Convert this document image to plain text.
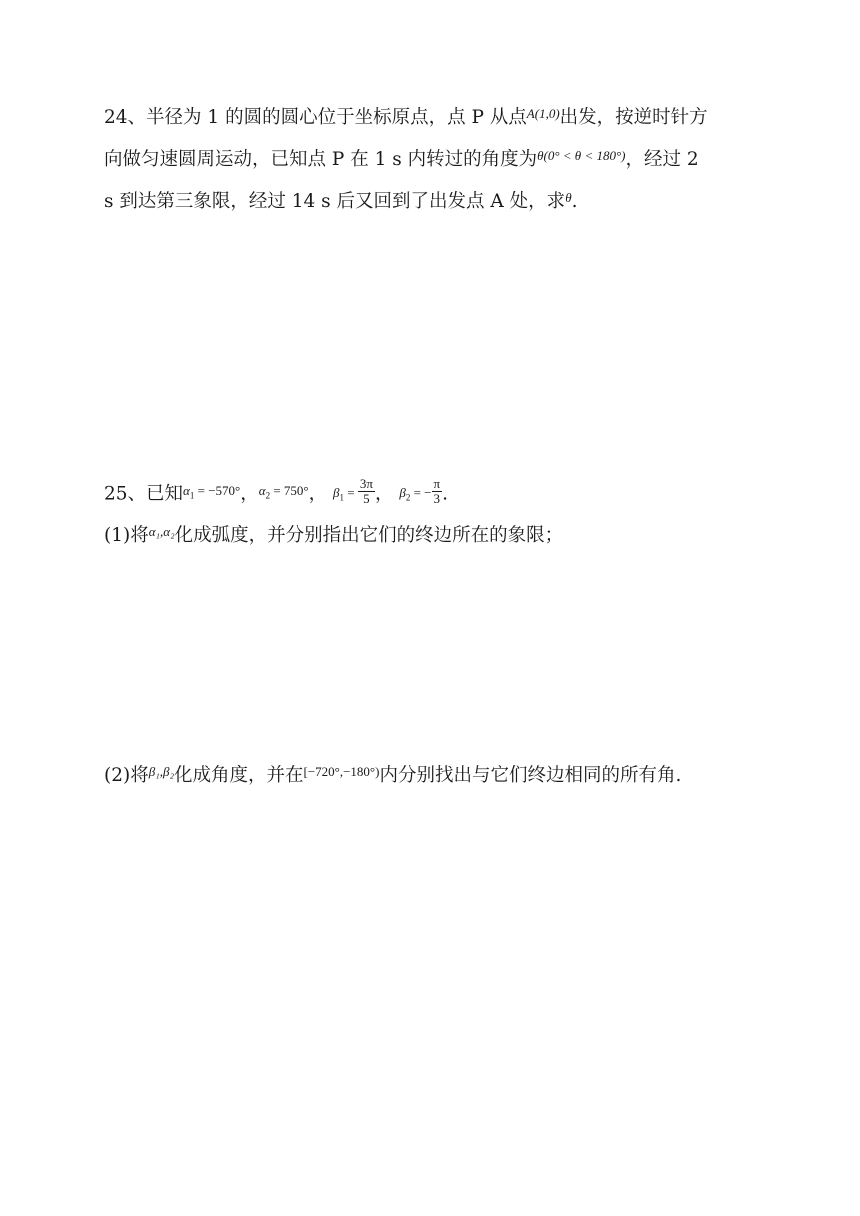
24、半径为 1 的圆的圆心位于坐标原点，点 P 从点$^{A(1,0)}$出发，按逆时针方
向做匀速圆周运动，已知点 P 在 1 s 内转过的角度为$^{\theta(0^\circ < \theta < 180^\circ)}$，经过 2
s 到达第三象限，经过 14 s 后又回到了出发点 A 处，求$^\theta$.
25、已知$^{\alpha_1}$ $^{= -570^\circ}$，$^{\alpha_2}$ $^{= 750^\circ}$， $\beta_1 = \frac{3\pi}{5}$ ， $\beta_2$ = − $\frac{\pi}{3}$ .
(1)将$^{\alpha_1,\alpha_2}$化成弧度，并分别指出它们的终边所在的象限；
(2)将$^{\beta_1,\beta_2}$化成角度，并在$^{[-720^\circ,-180^\circ)}$内分别找出与它们终边相同的所有角.
